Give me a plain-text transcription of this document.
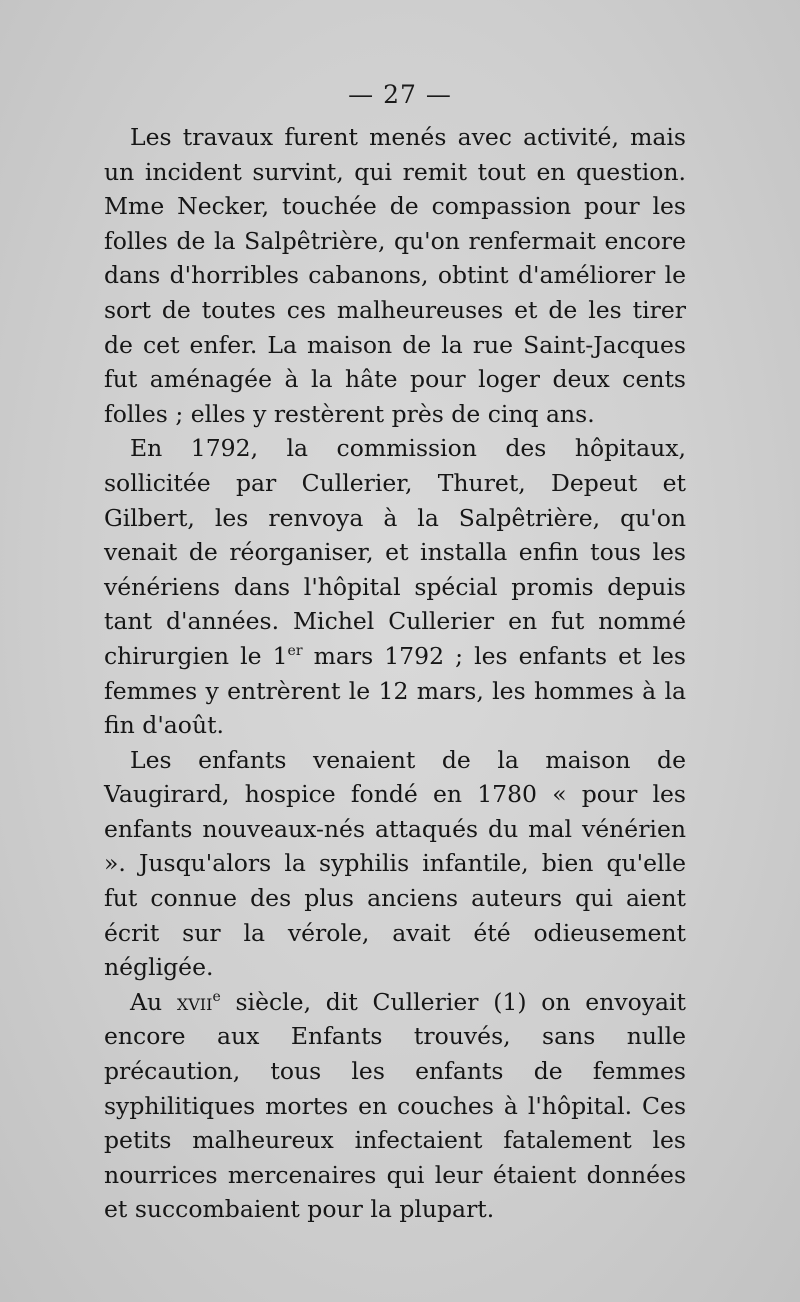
— 27 —

Les travaux furent menés avec activité, mais un incident survint, qui remit tout en question. Mme Necker, touchée de compassion pour les folles de la Salpêtrière, qu'on renfermait encore dans d'horribles cabanons, obtint d'améliorer le sort de toutes ces malheureuses et de les tirer de cet enfer. La maison de la rue Saint-Jacques fut aménagée à la hâte pour loger deux cents folles ; elles y restèrent près de cinq ans.

En 1792, la commission des hôpitaux, sollicitée par Cullerier, Thuret, Depeut et Gilbert, les renvoya à la Salpêtrière, qu'on venait de réorganiser, et installa enfin tous les vénériens dans l'hôpital spécial promis depuis tant d'années. Michel Cullerier en fut nommé chirurgien le 1er mars 1792 ; les enfants et les femmes y entrèrent le 12 mars, les hommes à la fin d'août.

Les enfants venaient de la maison de Vaugirard, hospice fondé en 1780 « pour les enfants nouveaux-nés attaqués du mal vénérien ». Jusqu'alors la syphilis infantile, bien qu'elle fut connue des plus anciens auteurs qui aient écrit sur la vérole, avait été odieusement négligée.

Au xvii$^e$ siècle, dit Cullerier (1) on envoyait encore aux Enfants trouvés, sans nulle précaution, tous les enfants de femmes syphilitiques mortes en couches à l'hôpital. Ces petits malheureux infectaient fatalement les nourrices mercenaires qui leur étaient données et succombaient pour la plupart.
